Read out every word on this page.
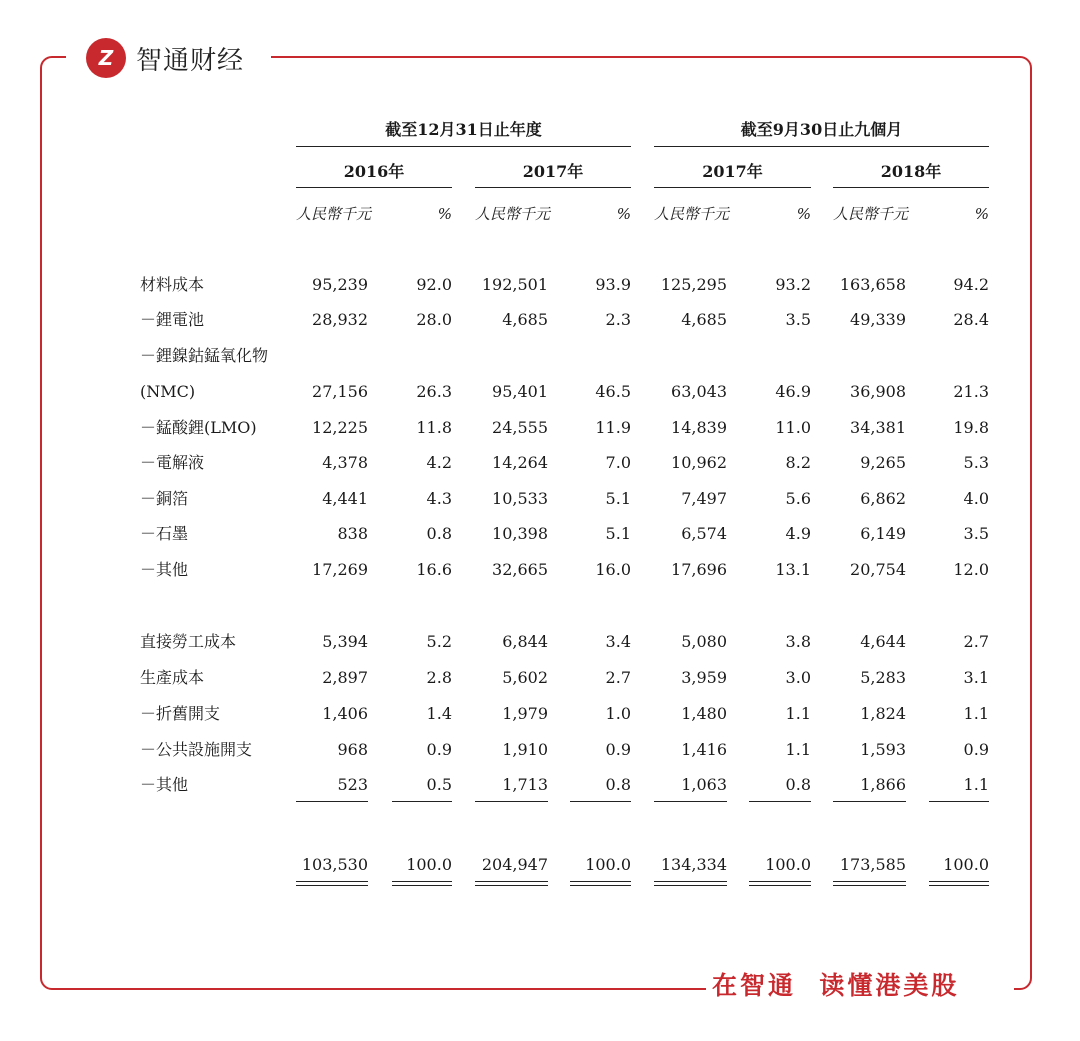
Z 智通财经
在智通  读懂港美股
截至12月31日止年度	截至9月30日止九個月
2016年	2017年	2017年	2018年
人民幣千元	% 人民幣千元	% 人民幣千元	% 人民幣千元	%
材料成本	95,239	92.0	192,501	93.9	125,295	93.2	163,658	94.2
－鋰電池	28,932	28.0	4,685	2.3	4,685	3.5	49,339	28.4
－鋰鎳鈷錳氧化物
(NMC)	27,156	26.3	95,401	46.5	63,043	46.9	36,908	21.3
－錳酸鋰(LMO)	12,225	11.8	24,555	11.9	14,839	11.0	34,381	19.8
－電解液	4,378	4.2	14,264	7.0	10,962	8.2	9,265	5.3
－銅箔	4,441	4.3	10,533	5.1	7,497	5.6	6,862	4.0
－石墨	838	0.8	10,398	5.1	6,574	4.9	6,149	3.5
－其他	17,269	16.6	32,665	16.0	17,696	13.1	20,754	12.0
直接勞工成本	5,394	5.2	6,844	3.4	5,080	3.8	4,644	2.7
生產成本	2,897	2.8	5,602	2.7	3,959	3.0	5,283	3.1
－折舊開支	1,406	1.4	1,979	1.0	1,480	1.1	1,824	1.1
－公共設施開支	968	0.9	1,910	0.9	1,416	1.1	1,593	0.9
－其他	523	0.5	1,713	0.8	1,063	0.8	1,866	1.1
103,530	100.0	204,947	100.0	134,334	100.0	173,585	100.0
